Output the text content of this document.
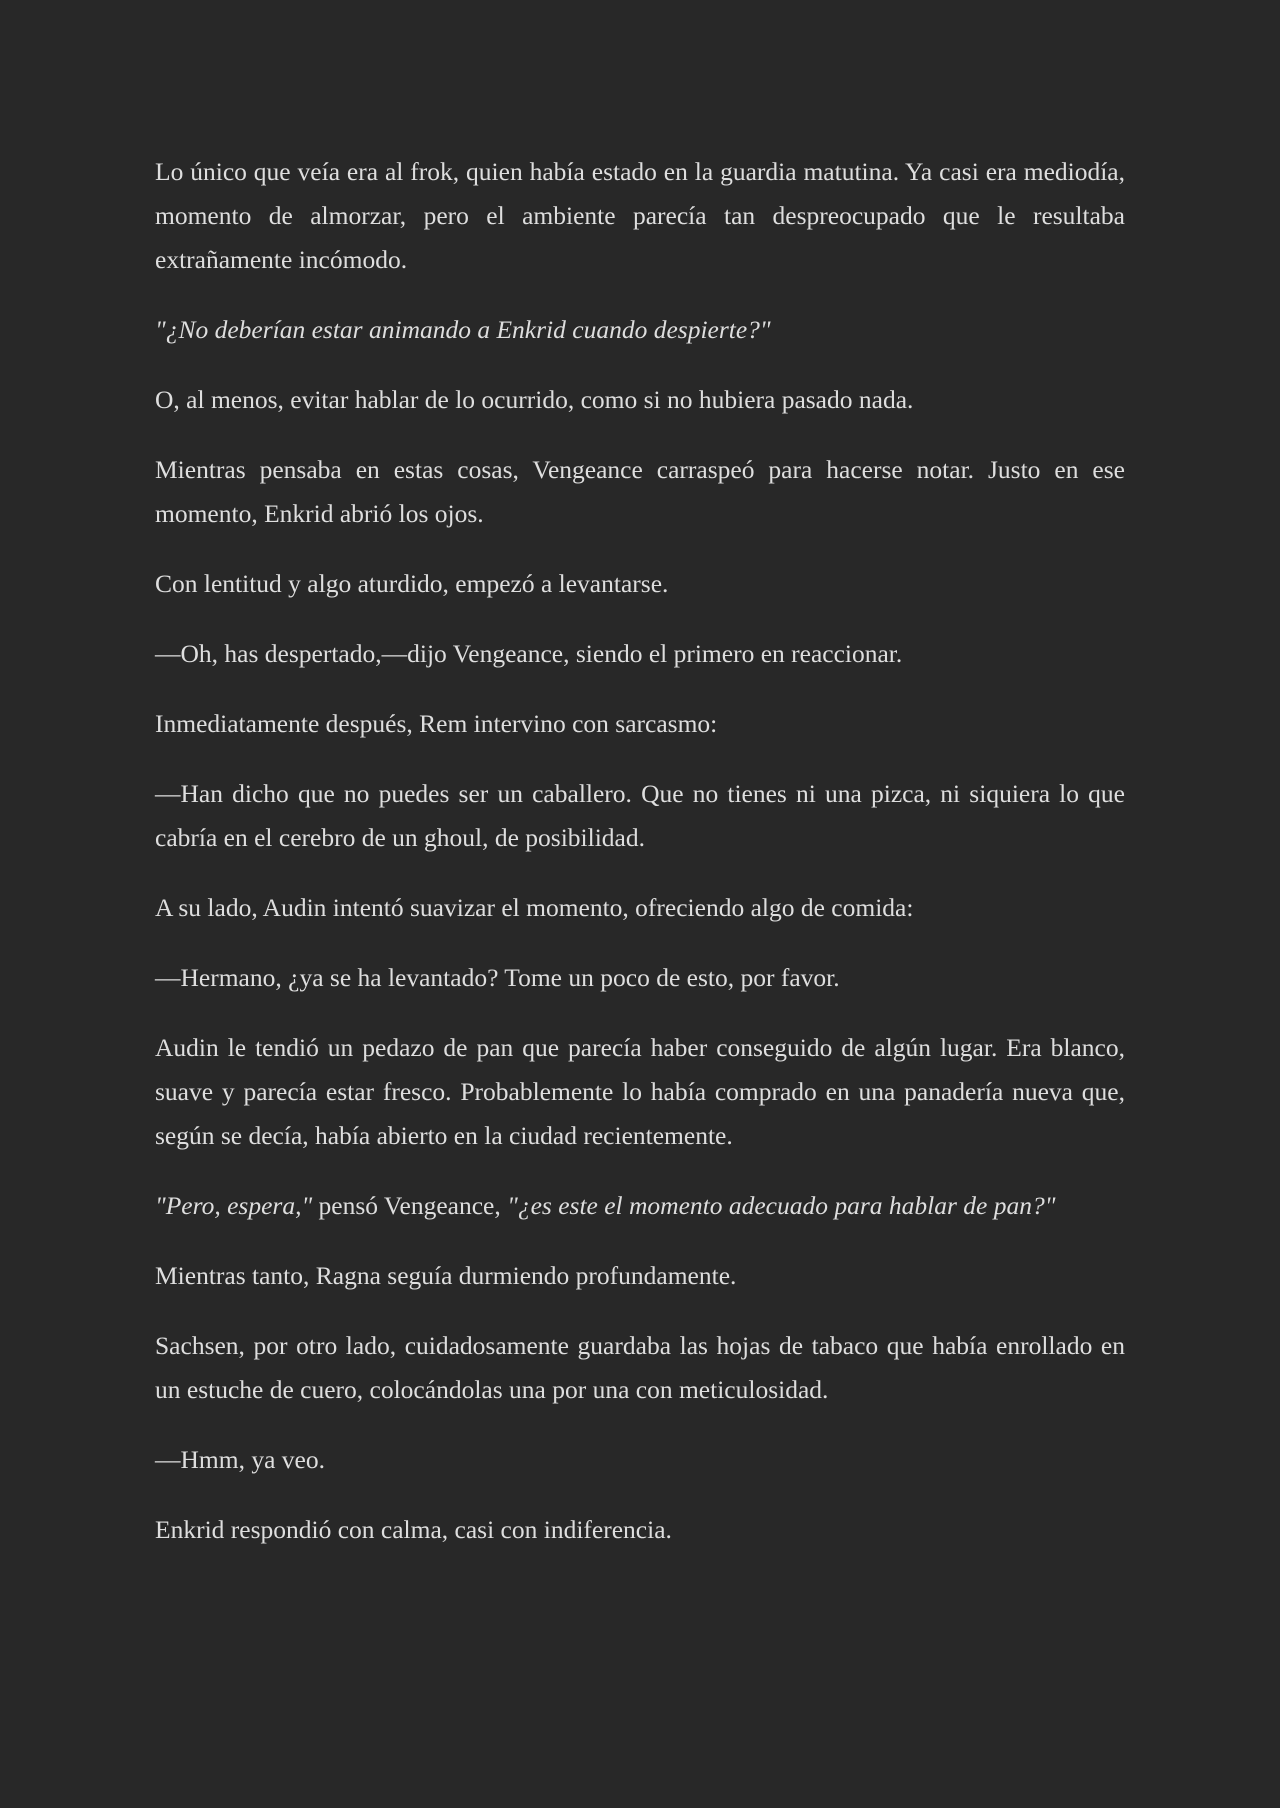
Lo único que veía era al frok, quien había estado en la guardia matutina. Ya casi era mediodía, momento de almorzar, pero el ambiente parecía tan despreocupado que le resultaba extrañamente incómodo.

"¿No deberían estar animando a Enkrid cuando despierte?"

O, al menos, evitar hablar de lo ocurrido, como si no hubiera pasado nada.

Mientras pensaba en estas cosas, Vengeance carraspeó para hacerse notar. Justo en ese momento, Enkrid abrió los ojos.

Con lentitud y algo aturdido, empezó a levantarse.

—Oh, has despertado,—dijo Vengeance, siendo el primero en reaccionar.

Inmediatamente después, Rem intervino con sarcasmo:

—Han dicho que no puedes ser un caballero. Que no tienes ni una pizca, ni siquiera lo que cabría en el cerebro de un ghoul, de posibilidad.

A su lado, Audin intentó suavizar el momento, ofreciendo algo de comida:

—Hermano, ¿ya se ha levantado? Tome un poco de esto, por favor.

Audin le tendió un pedazo de pan que parecía haber conseguido de algún lugar. Era blanco, suave y parecía estar fresco. Probablemente lo había comprado en una panadería nueva que, según se decía, había abierto en la ciudad recientemente.

"Pero, espera," pensó Vengeance, "¿es este el momento adecuado para hablar de pan?"

Mientras tanto, Ragna seguía durmiendo profundamente.

Sachsen, por otro lado, cuidadosamente guardaba las hojas de tabaco que había enrollado en un estuche de cuero, colocándolas una por una con meticulosidad.

—Hmm, ya veo.

Enkrid respondió con calma, casi con indiferencia.
